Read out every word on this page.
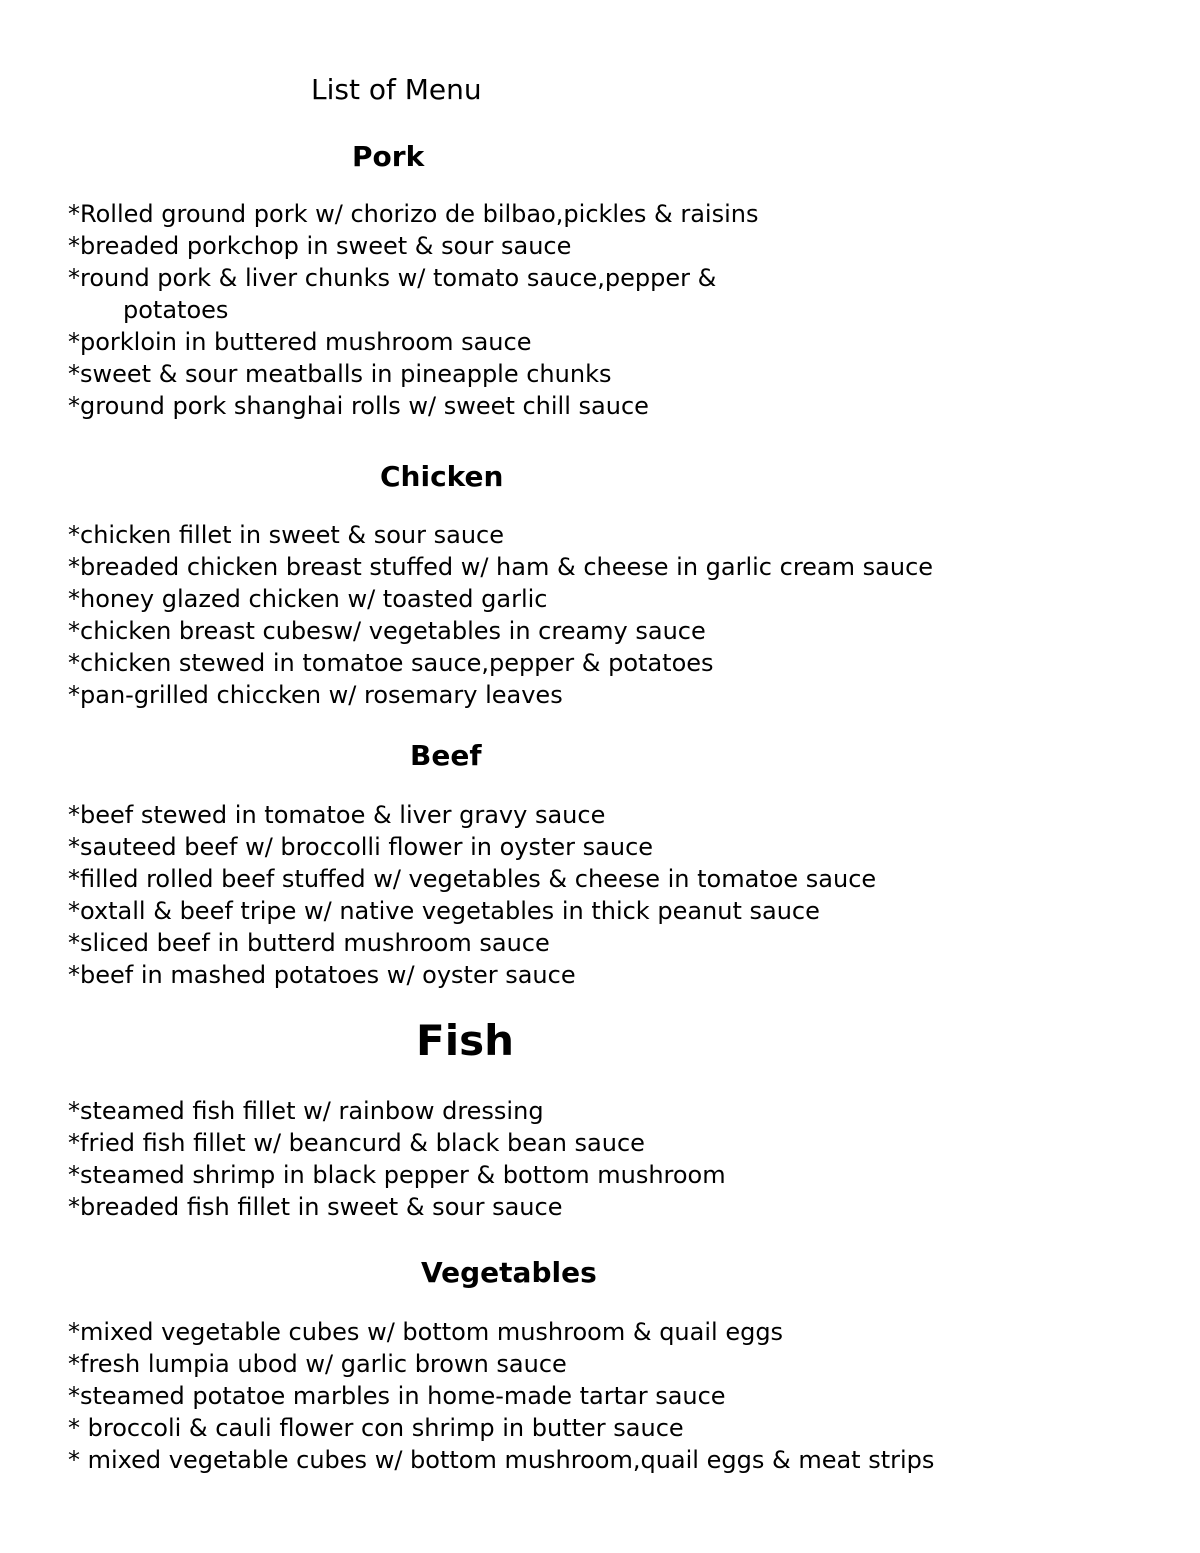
List of Menu
Pork
*Rolled ground pork w/ chorizo de bilbao,pickles & raisins
*breaded porkchop in sweet & sour sauce
*round pork & liver chunks w/ tomato sauce,pepper &
potatoes
*porkloin in buttered mushroom sauce
*sweet & sour meatballs in pineapple chunks
*ground pork shanghai rolls w/ sweet chill sauce
Chicken
*chicken fillet in sweet & sour sauce
*breaded chicken breast stuffed w/ ham & cheese in garlic cream sauce
*honey glazed chicken w/ toasted garlic
*chicken breast cubesw/ vegetables in creamy sauce
*chicken stewed in tomatoe sauce,pepper & potatoes
*pan-grilled chiccken w/ rosemary leaves
Beef
*beef stewed in tomatoe & liver gravy sauce
*sauteed beef w/ broccolli flower in oyster sauce
*filled rolled beef stuffed w/ vegetables & cheese in tomatoe sauce
*oxtall & beef tripe w/ native vegetables in thick peanut sauce
*sliced beef in butterd mushroom sauce
*beef in mashed potatoes w/ oyster sauce
Fish
*steamed fish fillet w/ rainbow dressing
*fried fish fillet w/ beancurd & black bean sauce
*steamed shrimp in black pepper & bottom mushroom
*breaded fish fillet in sweet & sour sauce
Vegetables
*mixed vegetable cubes w/ bottom mushroom & quail eggs
*fresh lumpia ubod w/ garlic brown sauce
*steamed potatoe marbles in home-made tartar sauce
* broccoli & cauli flower con shrimp in butter sauce
* mixed vegetable cubes w/ bottom mushroom,quail eggs & meat strips
